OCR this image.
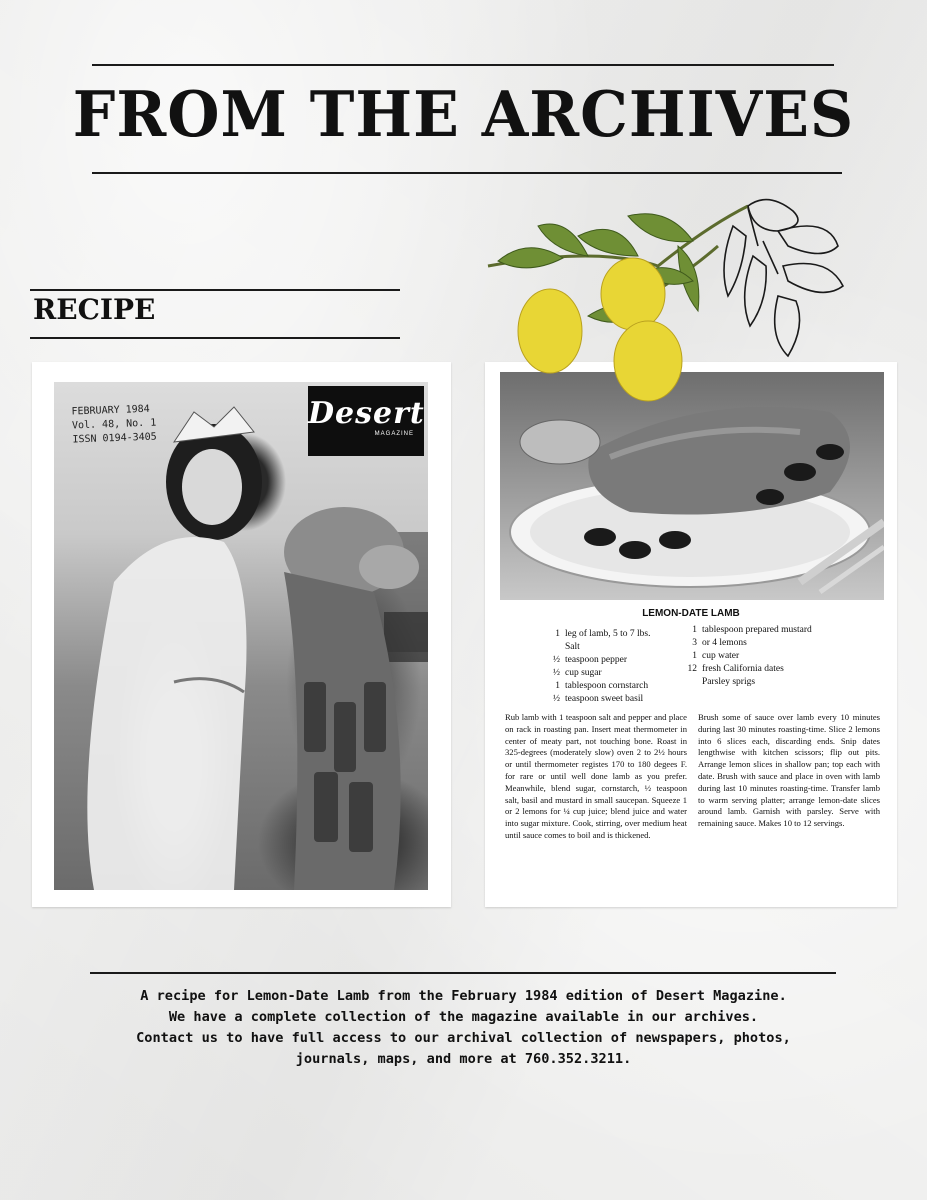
FROM THE ARCHIVES
RECIPE
FEBRUARY 1984
Vol. 48, No. 1
ISSN 0194-3405
Desert
MAGAZINE
LEMON-DATE LAMB
1 leg of lamb, 5 to 7 lbs.
Salt
½ teaspoon pepper
½ cup sugar
1 tablespoon cornstarch
½ teaspoon sweet basil
1 tablespoon prepared mustard
3 or 4 lemons
1 cup water
12 fresh California dates
Parsley sprigs

Rub lamb with 1 teaspoon salt and pepper and place on rack in roasting pan. Insert meat thermometer in center of meaty part, not touching bone. Roast in 325-degrees (moderately slow) oven 2 to 2½ hours or until thermometer registes 170 to 180 degees F. for rare or until well done lamb as you prefer. Meanwhile, blend sugar, cornstarch, ½ teaspoon salt, basil and mustard in small saucepan. Squeeze 1 or 2 lemons for ¼ cup juice; blend juice and water into sugar mixture. Cook, stirring, over medium heat until sauce comes to boil and is thickened.

Brush some of sauce over lamb every 10 minutes during last 30 minutes roasting-time. Slice 2 lemons into 6 slices each, discarding ends. Snip dates lengthwise with kitchen scissors; flip out pits. Arrange lemon slices in shallow pan; top each with date. Brush with sauce and place in oven with lamb during last 10 minutes roasting-time. Transfer lamb to warm serving platter; arrange lemon-date slices around lamb. Garnish with parsley. Serve with remaining sauce. Makes 10 to 12 servings.

A recipe for Lemon-Date Lamb from the February 1984 edition of Desert Magazine.
We have a complete collection of the magazine available in our archives.
Contact us to have full access to our archival collection of newspapers, photos,
journals, maps, and more at 760.352.3211.
